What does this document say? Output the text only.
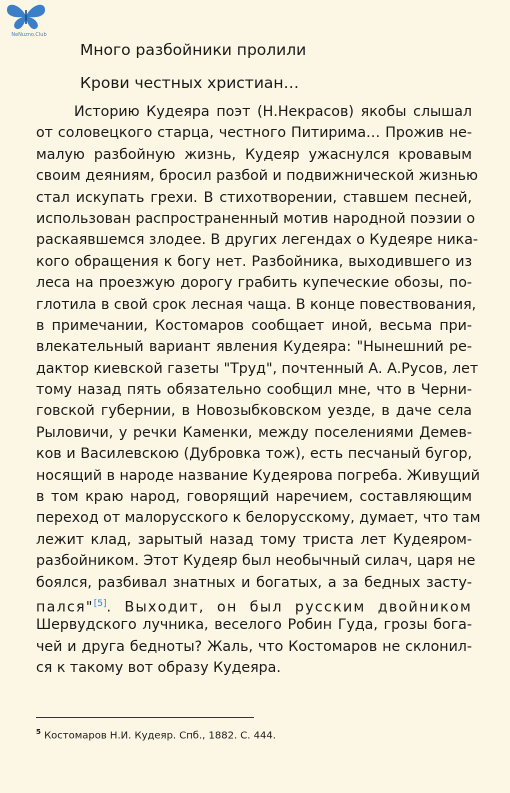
NeNuzno.Club
Много разбойники пролили
Крови честных христиан…
Историю Кудеяра поэт (Н.Некрасов) якобы слышал
от соловецкого старца, честного Питирима… Прожив не-
малую разбойную жизнь, Кудеяр ужаснулся кровавым
своим деяниям, бросил разбой и подвижнической жизнью
стал искупать грехи. В стихотворении, ставшем песней,
использован распространенный мотив народной поэзии о
раскаявшемся злодее. В других легендах о Кудеяре ника-
кого обращения к богу нет. Разбойника, выходившего из
леса на проезжую дорогу грабить купеческие обозы, по-
глотила в свой срок лесная чаща. В конце повествования,
в примечании, Костомаров сообщает иной, весьма при-
влекательный вариант явления Кудеяра: "Нынешний ре-
дактор киевской газеты "Труд", почтенный А. А.Русов, лет
тому назад пять обязательно сообщил мне, что в Черни-
говской губернии, в Новозыбковском уезде, в даче села
Рыловичи, у речки Каменки, между поселениями Демев-
ков и Василевскою (Дубровка тож), есть песчаный бугор,
носящий в народе название Кудеярова погреба. Живущий
в том краю народ, говорящий наречием, составляющим
переход от малорусского к белорусскому, думает, что там
лежит клад, зарытый назад тому триста лет Кудеяром-
разбойником. Этот Кудеяр был необычный силач, царя не
боялся, разбивал знатных и богатых, а за бедных засту-
пался"[5]. Выходит, он был русским двойником
Шервудского лучника, веселого Робин Гуда, грозы бога-
чей и друга бедноты? Жаль, что Костомаров не склонил-
ся к такому вот образу Кудеяра.
$^5$ Костомаров Н.И. Кудеяр. Спб., 1882. С. 444.
